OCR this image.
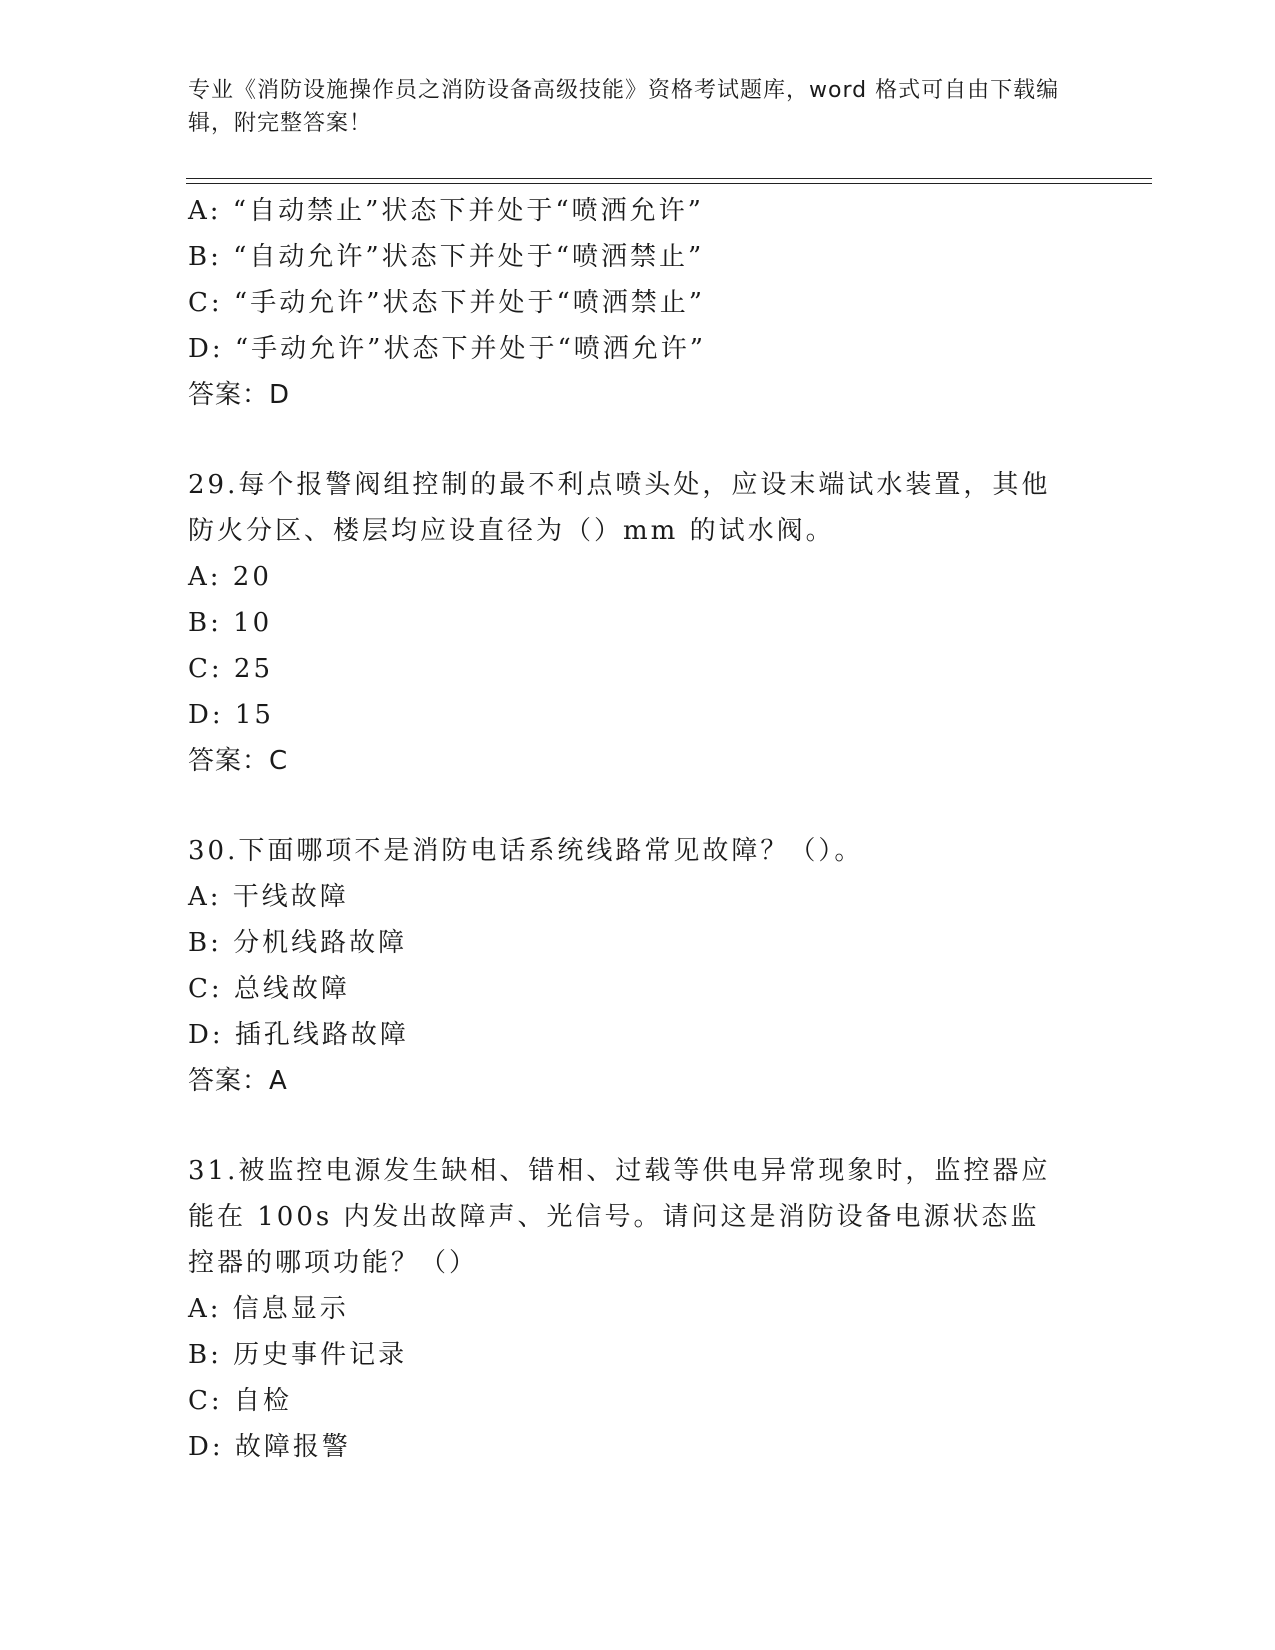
专业《消防设施操作员之消防设备高级技能》资格考试题库，word 格式可自由下载编辑，附完整答案！
A: “自动禁止”状态下并处于“喷洒允许”
B: “自动允许”状态下并处于“喷洒禁止”
C: “手动允许”状态下并处于“喷洒禁止”
D: “手动允许”状态下并处于“喷洒允许”
答案：D
29.每个报警阀组控制的最不利点喷头处，应设末端试水装置，其他防火分区、楼层均应设直径为（）mm 的试水阀。
A: 20
B: 10
C: 25
D: 15
答案：C
30.下面哪项不是消防电话系统线路常见故障？（）。
A: 干线故障
B: 分机线路故障
C: 总线故障
D: 插孔线路故障
答案：A
31.被监控电源发生缺相、错相、过载等供电异常现象时，监控器应能在 100s 内发出故障声、光信号。请问这是消防设备电源状态监控器的哪项功能？（）
A: 信息显示
B: 历史事件记录
C: 自检
D: 故障报警
